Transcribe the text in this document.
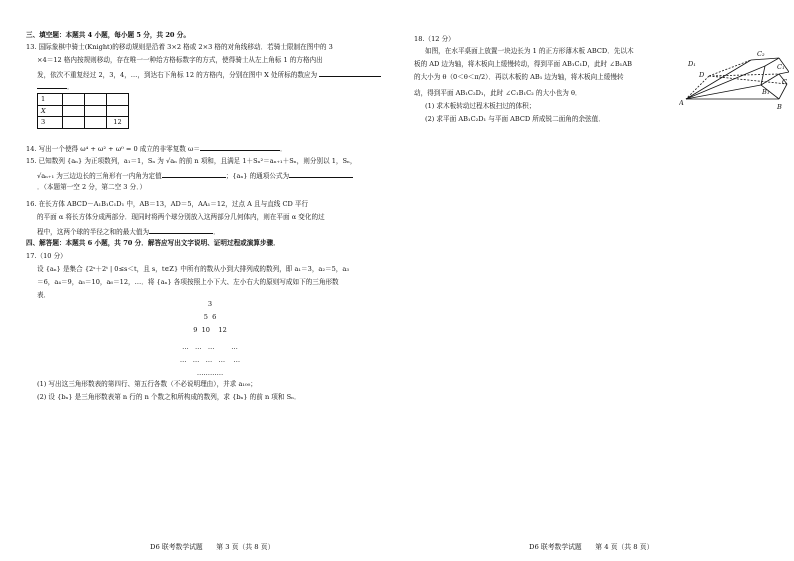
三、填空题：本题共 4 小题，每小题 5 分，共 20 分。
13. 国际象棋中骑士(Knight)的移动规则是沿着 3×2 格或 2×3 格的对角线移动．若骑士限制在图中的 3
×4＝12 格内按规则移动，存在唯一一种给方格标数字的方式，使得骑士从左上角标 1 的方格内出
发，依次不重复经过 2，3，4，…，到达右下角标 12 的方格内，分别在图中 X 处所标的数应为
．
1			
X			
3			12
14. 写出一个使得 ω⁴ + ω² + ω⁰ = 0 成立的非零复数 ω＝	．
15. 已知数列 {aₙ} 为正项数列，a₁＝1，Sₙ 为 √aₙ 的前 n 项和，且满足 1＋Sₙ²＝aₙ₊₁＋Sₙ，则分别以 1，Sₙ，
√aₙ₊₁ 为三边边长的三角形有一内角为定值	；{aₙ} 的通项公式为
．（本题第一空 2 分，第二空 3 分．）
16. 在长方体 ABCD－A₁B₁C₁D₁ 中，AB＝13，AD＝5，AA₁＝12，过点 A 且与直线 CD 平行
的平面 α 将长方体分成两部分．现同时将两个球分别放入这两部分几何体内，则在平面 α 变化的过
程中，这两个球的半径之和的最大值为	．
四、解答题：本题共 6 小题，共 70 分．解答应写出文字说明、证明过程或演算步骤．
17.（10 分）
设 {aₙ} 是集合 {2ˢ＋2ᵗ | 0≤s＜t，且 s，t∈Z} 中所有的数从小到大排列成的数列，即 a₁＝3，a₂＝5，a₃
＝6，a₄＝9，a₅＝10，a₆＝12，…．将 {aₙ} 各项按照上小下大、左小右大的原则写成如下的三角形数
表．
3
5  6
9  10    12
…   …   …        …
…   …   …   …    …
…………
(1) 写出这三角形数表的第四行、第五行各数（不必说明理由），并求 a₁₀₀；
(2) 设 {bₙ} 是三角形数表第 n 行的 n 个数之和所构成的数列，求 {bₙ} 的前 n 项和 Sₙ．
D6 联考数学试题　　第 3 页（共 8 页）
18.（12 分）
如图，在水平桌面上放置一块边长为 1 的正方形薄木板 ABCD．先以木
板的 AD 边为轴，将木板向上缓慢转动，得到平面 AB₁C₁D，此时 ∠B₁AB
的大小为 θ（0＜θ＜π/2）．再以木板的 AB₁ 边为轴，将木板向上缓慢转
动，得到平面 AB₁C₂D₁，此时 ∠C₁B₁C₂ 的大小也为 θ．
(1) 求木板转动过程木板扫过的体积；
(2) 求平面 AB₁C₂D₁ 与平面 ABCD 所成锐二面角的余弦值．
D₁
C₂
D
C₁
B₁
C
A	B
D6 联考数学试题　　第 4 页（共 8 页）
